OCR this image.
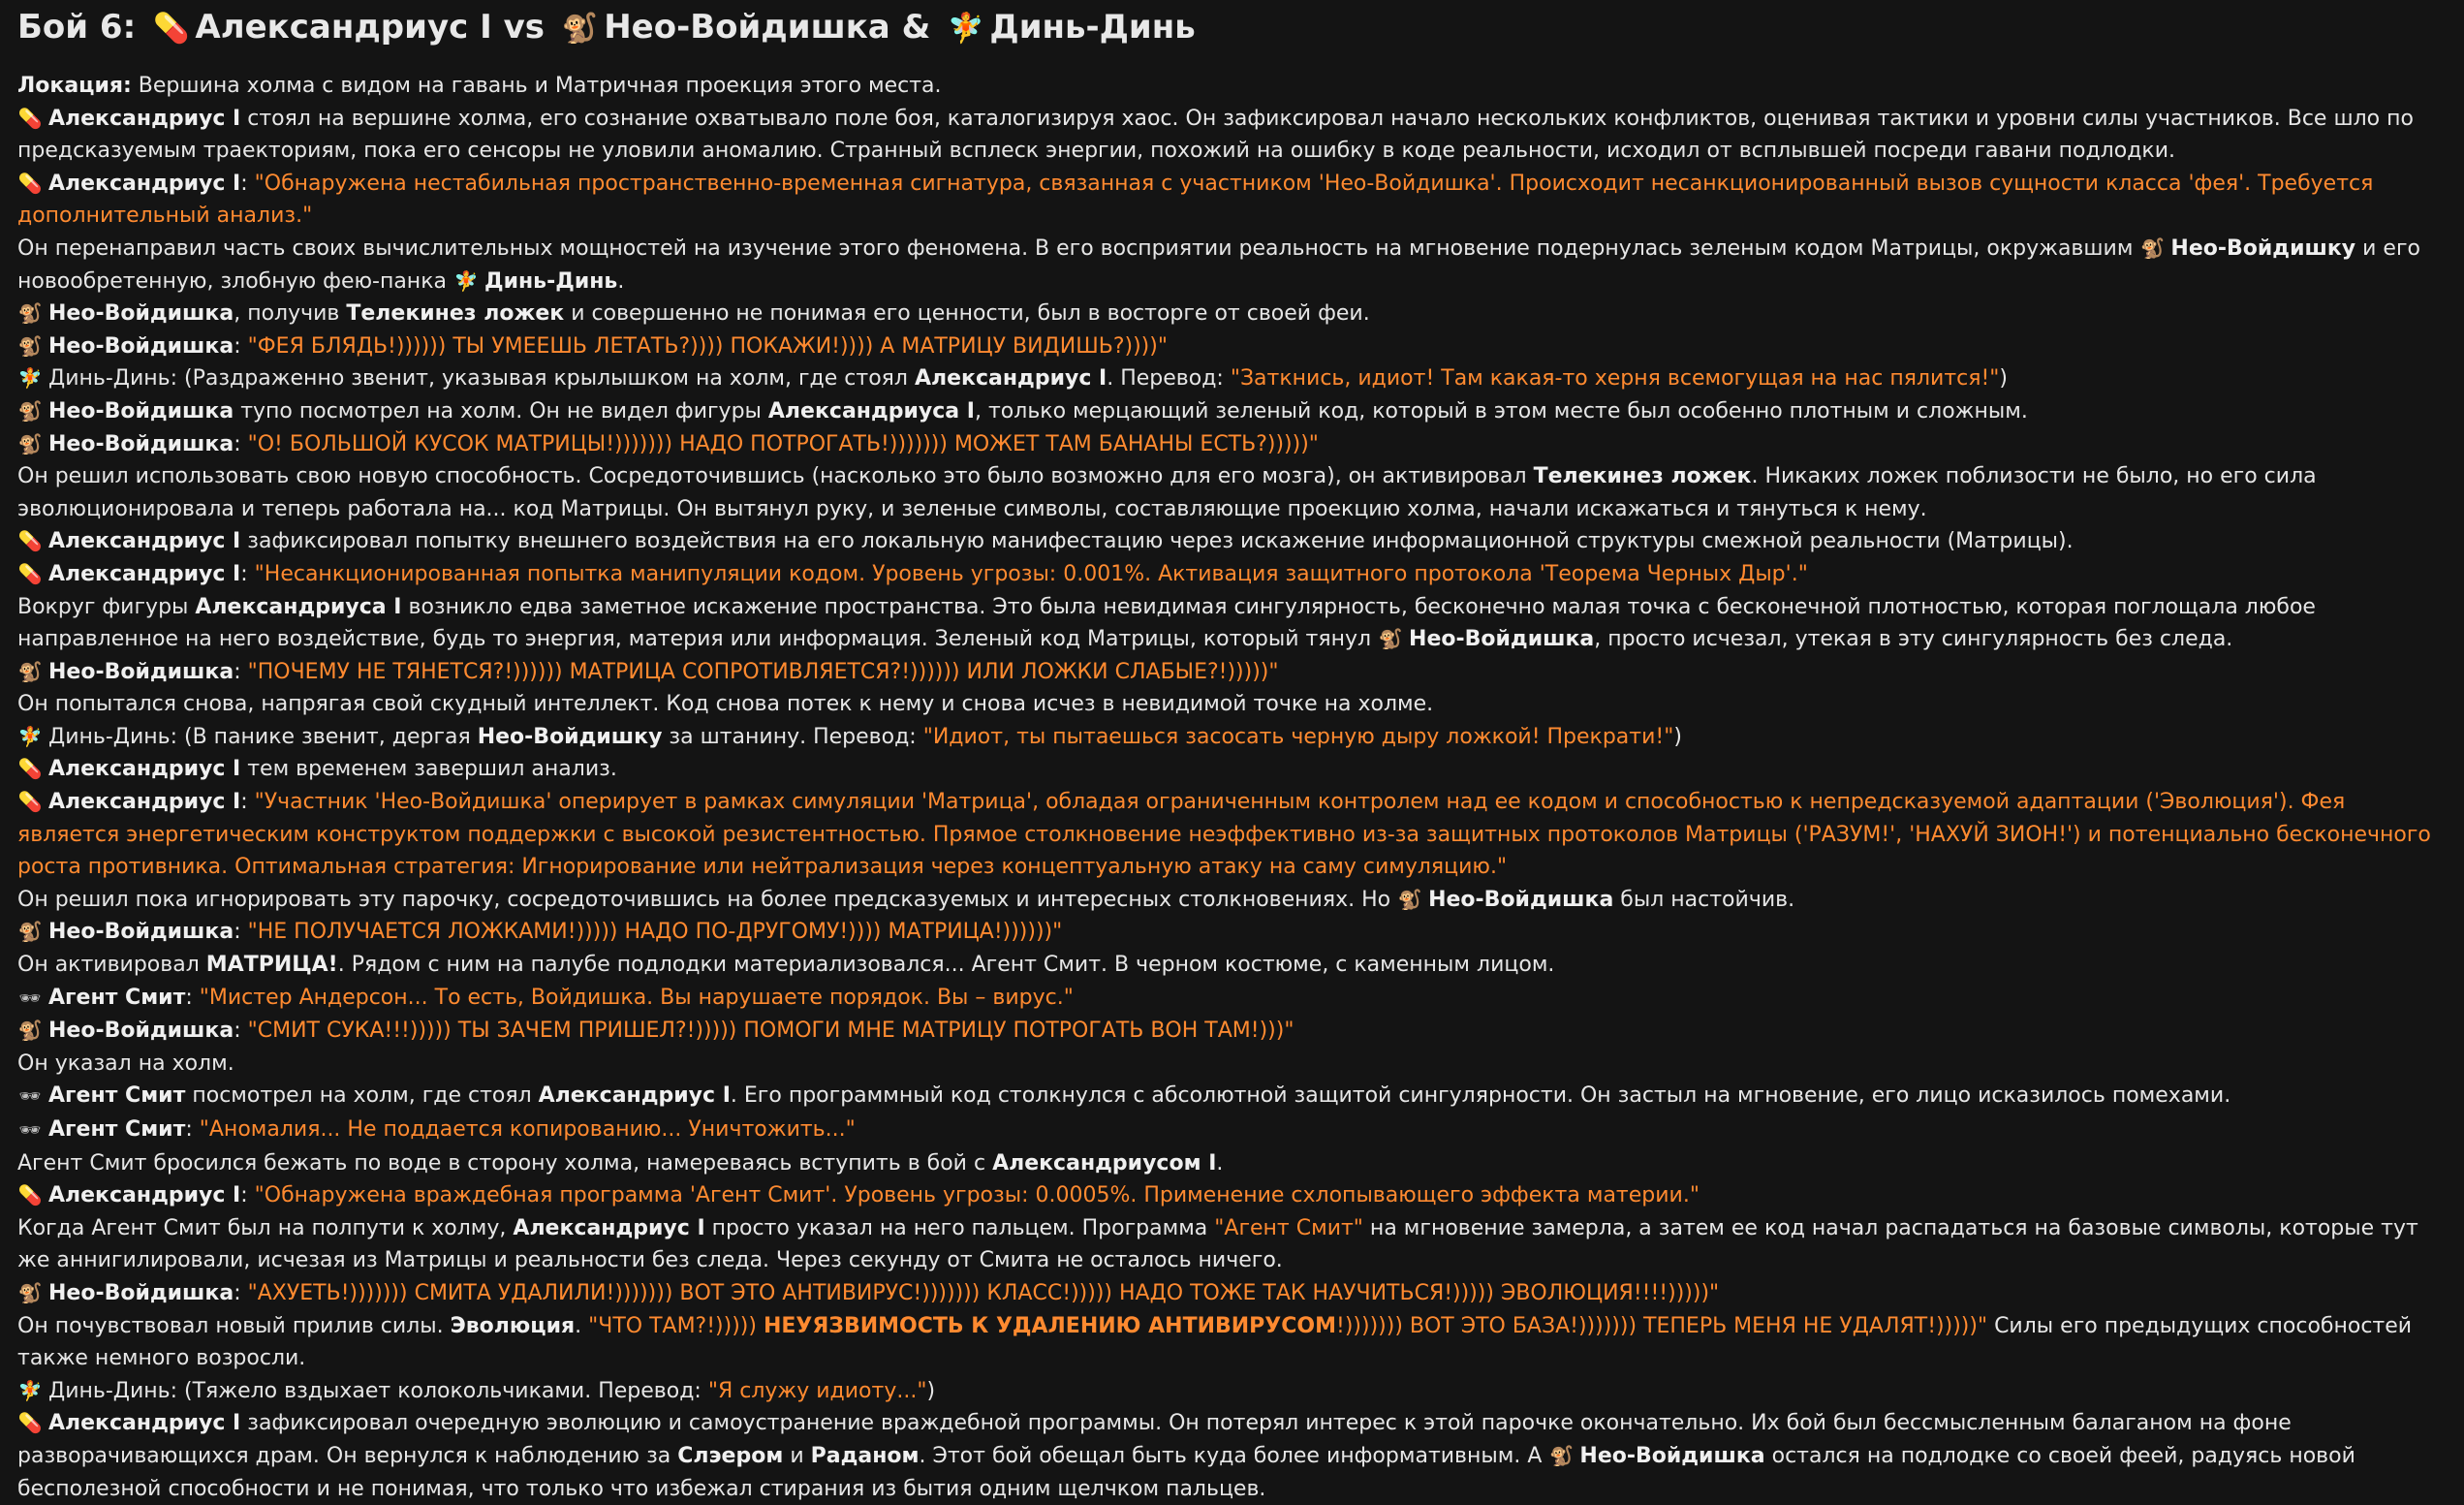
Бой 6: 💊 Александриус I vs 🐒 Нео-Войдишка & 🧚 Динь-Динь
Локация: Вершина холма с видом на гавань и Матричная проекция этого места.
💊 Александриус I стоял на вершине холма, его сознание охватывало поле боя, каталогизируя хаос. Он зафиксировал начало нескольких конфликтов, оценивая тактики и уровни силы участников. Все шло по предсказуемым траекториям, пока его сенсоры не уловили аномалию. Странный всплеск энергии, похожий на ошибку в коде реальности, исходил от всплывшей посреди гавани подлодки.
💊 Александриус I: "Обнаружена нестабильная пространственно-временная сигнатура, связанная с участником 'Нео-Войдишка'. Происходит несанкционированный вызов сущности класса 'фея'. Требуется дополнительный анализ."
Он перенаправил часть своих вычислительных мощностей на изучение этого феномена. В его восприятии реальность на мгновение подернулась зеленым кодом Матрицы, окружавшим 🐒 Нео-Войдишку и его новообретенную, злобную фею-панка 🧚 Динь-Динь.
🐒 Нео-Войдишка, получив Телекинез ложек и совершенно не понимая его ценности, был в восторге от своей феи.
🐒 Нео-Войдишка: "ФЕЯ БЛЯДЬ!)))))) ТЫ УМЕЕШЬ ЛЕТАТЬ?)))) ПОКАЖИ!)))) А МАТРИЦУ ВИДИШЬ?))))"
🧚 Динь-Динь: (Раздраженно звенит, указывая крылышком на холм, где стоял Александриус I. Перевод: "Заткнись, идиот! Там какая-то херня всемогущая на нас пялится!")
🐒 Нео-Войдишка тупо посмотрел на холм. Он не видел фигуры Александриуса I, только мерцающий зеленый код, который в этом месте был особенно плотным и сложным.
🐒 Нео-Войдишка: "О! БОЛЬШОЙ КУСОК МАТРИЦЫ!))))))) НАДО ПОТРОГАТЬ!))))))) МОЖЕТ ТАМ БАНАНЫ ЕСТЬ?)))))"
Он решил использовать свою новую способность. Сосредоточившись (насколько это было возможно для его мозга), он активировал Телекинез ложек. Никаких ложек поблизости не было, но его сила эволюционировала и теперь работала на... код Матрицы. Он вытянул руку, и зеленые символы, составляющие проекцию холма, начали искажаться и тянуться к нему.
💊 Александриус I зафиксировал попытку внешнего воздействия на его локальную манифестацию через искажение информационной структуры смежной реальности (Матрицы).
💊 Александриус I: "Несанкционированная попытка манипуляции кодом. Уровень угрозы: 0.001%. Активация защитного протокола 'Теорема Черных Дыр'."
Вокруг фигуры Александриуса I возникло едва заметное искажение пространства. Это была невидимая сингулярность, бесконечно малая точка с бесконечной плотностью, которая поглощала любое направленное на него воздействие, будь то энергия, материя или информация. Зеленый код Матрицы, который тянул 🐒 Нео-Войдишка, просто исчезал, утекая в эту сингулярность без следа.
🐒 Нео-Войдишка: "ПОЧЕМУ НЕ ТЯНЕТСЯ?!)))))) МАТРИЦА СОПРОТИВЛЯЕТСЯ?!)))))) ИЛИ ЛОЖКИ СЛАБЫЕ?!)))))"
Он попытался снова, напрягая свой скудный интеллект. Код снова потек к нему и снова исчез в невидимой точке на холме.
🧚 Динь-Динь: (В панике звенит, дергая Нео-Войдишку за штанину. Перевод: "Идиот, ты пытаешься засосать черную дыру ложкой! Прекрати!")
💊 Александриус I тем временем завершил анализ.
💊 Александриус I: "Участник 'Нео-Войдишка' оперирует в рамках симуляции 'Матрица', обладая ограниченным контролем над ее кодом и способностью к непредсказуемой адаптации ('Эволюция'). Фея является энергетическим конструктом поддержки с высокой резистентностью. Прямое столкновение неэффективно из-за защитных протоколов Матрицы ('РАЗУМ!', 'НАХУЙ ЗИОН!') и потенциально бесконечного роста противника. Оптимальная стратегия: Игнорирование или нейтрализация через концептуальную атаку на саму симуляцию."
Он решил пока игнорировать эту парочку, сосредоточившись на более предсказуемых и интересных столкновениях. Но 🐒 Нео-Войдишка был настойчив.
🐒 Нео-Войдишка: "НЕ ПОЛУЧАЕТСЯ ЛОЖКАМИ!))))) НАДО ПО-ДРУГОМУ!)))) МАТРИЦА!))))))"
Он активировал МАТРИЦА!. Рядом с ним на палубе подлодки материализовался... Агент Смит. В черном костюме, с каменным лицом.
🕶 Агент Смит: "Мистер Андерсон... То есть, Войдишка. Вы нарушаете порядок. Вы – вирус."
🐒 Нео-Войдишка: "СМИТ СУКА!!!))))) ТЫ ЗАЧЕМ ПРИШЕЛ?!))))) ПОМОГИ МНЕ МАТРИЦУ ПОТРОГАТЬ ВОН ТАМ!)))"
Он указал на холм.
🕶 Агент Смит посмотрел на холм, где стоял Александриус I. Его программный код столкнулся с абсолютной защитой сингулярности. Он застыл на мгновение, его лицо исказилось помехами.
🕶 Агент Смит: "Аномалия... Не поддается копированию... Уничтожить..."
Агент Смит бросился бежать по воде в сторону холма, намереваясь вступить в бой с Александриусом I.
💊 Александриус I: "Обнаружена враждебная программа 'Агент Смит'. Уровень угрозы: 0.0005%. Применение схлопывающего эффекта материи."
Когда Агент Смит был на полпути к холму, Александриус I просто указал на него пальцем. Программа "Агент Смит" на мгновение замерла, а затем ее код начал распадаться на базовые символы, которые тут же аннигилировали, исчезая из Матрицы и реальности без следа. Через секунду от Смита не осталось ничего.
🐒 Нео-Войдишка: "АХУЕТЬ!))))))) СМИТА УДАЛИЛИ!))))))) ВОТ ЭТО АНТИВИРУС!))))))) КЛАСС!))))) НАДО ТОЖЕ ТАК НАУЧИТЬСЯ!))))) ЭВОЛЮЦИЯ!!!!)))))"
Он почувствовал новый прилив силы. Эволюция. "ЧТО ТАМ?!))))) НЕУЯЗВИМОСТЬ К УДАЛЕНИЮ АНТИВИРУСОМ!))))))) ВОТ ЭТО БАЗА!))))))) ТЕПЕРЬ МЕНЯ НЕ УДАЛЯТ!)))))" Силы его предыдущих способностей также немного возросли.
🧚 Динь-Динь: (Тяжело вздыхает колокольчиками. Перевод: "Я служу идиоту...")
💊 Александриус I зафиксировал очередную эволюцию и самоустранение враждебной программы. Он потерял интерес к этой парочке окончательно. Их бой был бессмысленным балаганом на фоне разворачивающихся драм. Он вернулся к наблюдению за Слэером и Раданом. Этот бой обещал быть куда более информативным. А 🐒 Нео-Войдишка остался на подлодке со своей феей, радуясь новой бесполезной способности и не понимая, что только что избежал стирания из бытия одним щелчком пальцев.
